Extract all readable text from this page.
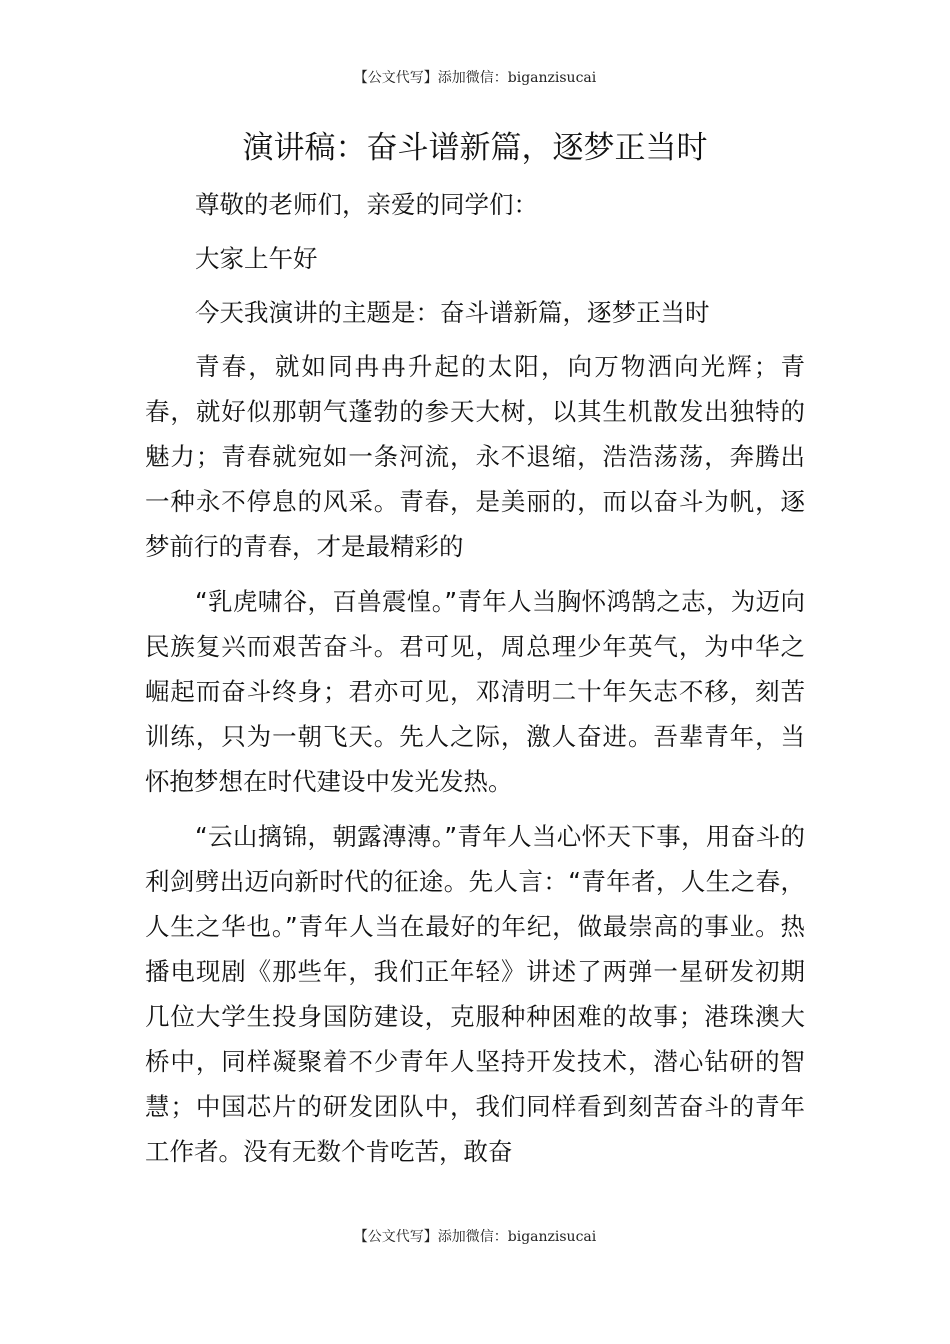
【公文代写】添加微信：biganzisucai
演讲稿：奋斗谱新篇，逐梦正当时

尊敬的老师们，亲爱的同学们：

大家上午好

今天我演讲的主题是：奋斗谱新篇，逐梦正当时

青春，就如同冉冉升起的太阳，向万物洒向光辉；青春，就好似那朝气蓬勃的参天大树，以其生机散发出独特的魅力；青春就宛如一条河流，永不退缩，浩浩荡荡，奔腾出一种永不停息的风采。青春，是美丽的，而以奋斗为帆，逐梦前行的青春，才是最精彩的

“乳虎啸谷，百兽震惶。”青年人当胸怀鸿鹄之志，为迈向民族复兴而艰苦奋斗。君可见，周总理少年英气，为中华之崛起而奋斗终身；君亦可见，邓清明二十年矢志不移，刻苦训练，只为一朝飞天。先人之际，激人奋进。吾辈青年，当怀抱梦想在时代建设中发光发热。

“云山摛锦，朝露漙漙。”青年人当心怀天下事，用奋斗的利剑劈出迈向新时代的征途。先人言：“青年者，人生之春，人生之华也。”青年人当在最好的年纪，做最崇高的事业。热播电现剧《那些年，我们正年轻》讲述了两弹一星研发初期几位大学生投身国防建设，克服种种困难的故事；港珠澳大桥中，同样凝聚着不少青年人坚持开发技术，潜心钻研的智慧；中国芯片的研发团队中，我们同样看到刻苦奋斗的青年工作者。没有无数个肯吃苦，敢奋

【公文代写】添加微信：biganzisucai
